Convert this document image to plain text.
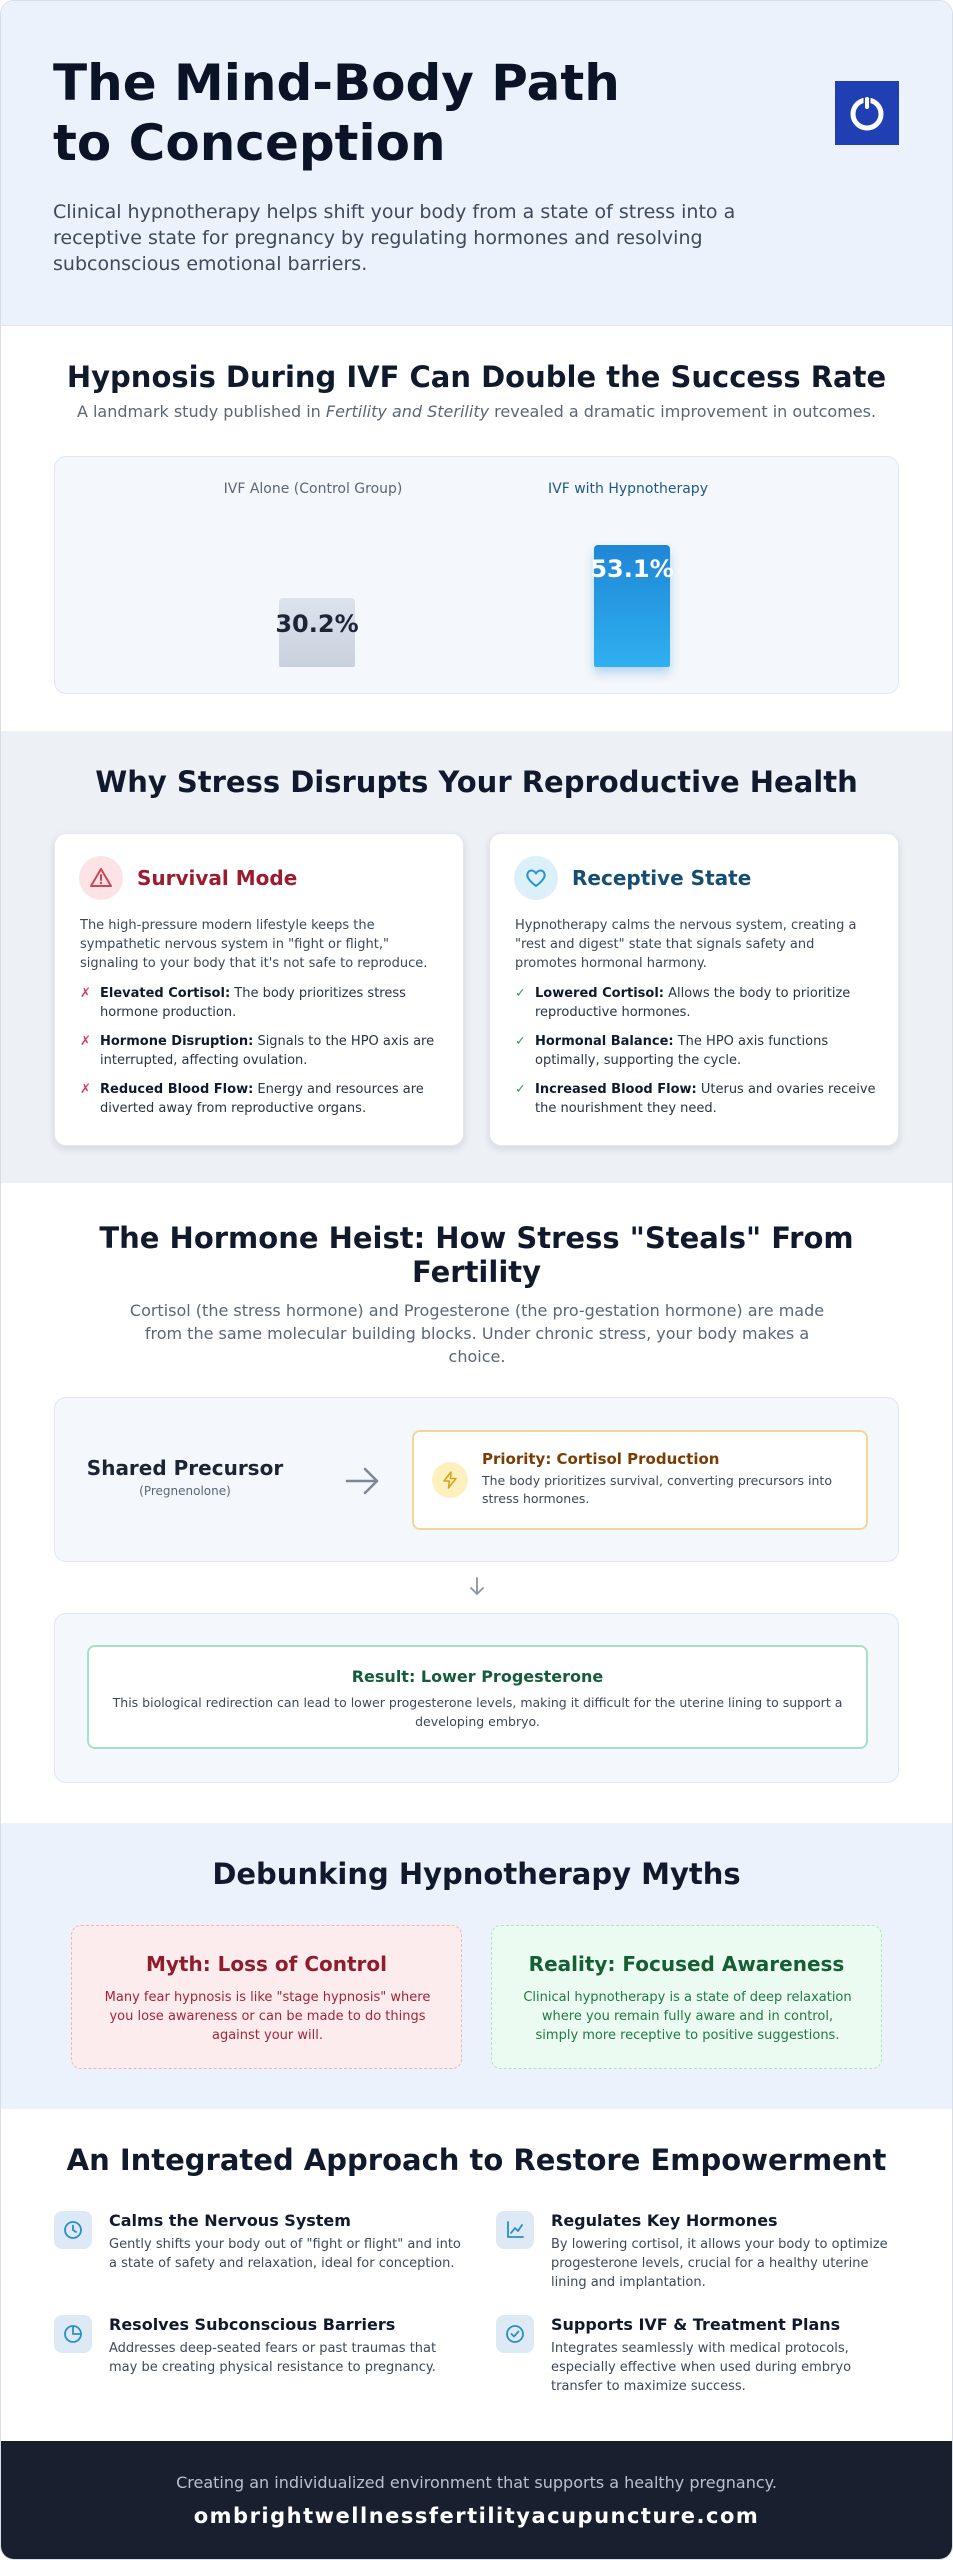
The Mind-Body Path
to Conception

Clinical hypnotherapy helps shift your body from a state of stress into a receptive state for pregnancy by regulating hormones and resolving subconscious emotional barriers.

Hypnosis During IVF Can Double the Success Rate

A landmark study published in Fertility and Sterility revealed a dramatic improvement in outcomes.

IVF Alone (Control Group)	IVF with Hypnotherapy
30.2%
53.1%
Why Stress Disrupts Your Reproductive Health
Survival Mode

The high-pressure modern lifestyle keeps the sympathetic nervous system in "fight or flight," signaling to your body that it's not safe to reproduce.

✗ Elevated Cortisol: The body prioritizes stress hormone production.
✗ Hormone Disruption: Signals to the HPO axis are interrupted, affecting ovulation.
✗ Reduced Blood Flow: Energy and resources are diverted away from reproductive organs.
Receptive State

Hypnotherapy calms the nervous system, creating a "rest and digest" state that signals safety and promotes hormonal harmony.

✓ Lowered Cortisol: Allows the body to prioritize reproductive hormones.
✓ Hormonal Balance: The HPO axis functions optimally, supporting the cycle.
✓ Increased Blood Flow: Uterus and ovaries receive the nourishment they need.
The Hormone Heist: How Stress "Steals" From
Fertility

Cortisol (the stress hormone) and Progesterone (the pro-gestation hormone) are made from the same molecular building blocks. Under chronic stress, your body makes a choice.

Shared Precursor
(Pregnenolone)
Priority: Cortisol Production
The body prioritizes survival, converting precursors into stress hormones.
Result: Lower Progesterone
This biological redirection can lead to lower progesterone levels, making it difficult for the uterine lining to support a developing embryo.
Debunking Hypnotherapy Myths
Myth: Loss of Control
Many fear hypnosis is like "stage hypnosis" where you lose awareness or can be made to do things against your will.
Reality: Focused Awareness
Clinical hypnotherapy is a state of deep relaxation where you remain fully aware and in control, simply more receptive to positive suggestions.
An Integrated Approach to Restore Empowerment
Calms the Nervous System
Gently shifts your body out of "fight or flight" and into a state of safety and relaxation, ideal for conception.
Regulates Key Hormones
By lowering cortisol, it allows your body to optimize progesterone levels, crucial for a healthy uterine lining and implantation.
Resolves Subconscious Barriers
Addresses deep-seated fears or past traumas that may be creating physical resistance to pregnancy.
Supports IVF & Treatment Plans
Integrates seamlessly with medical protocols, especially effective when used during embryo transfer to maximize success.
Creating an individualized environment that supports a healthy pregnancy.
ombrightwellnessfertilityacupuncture.com
